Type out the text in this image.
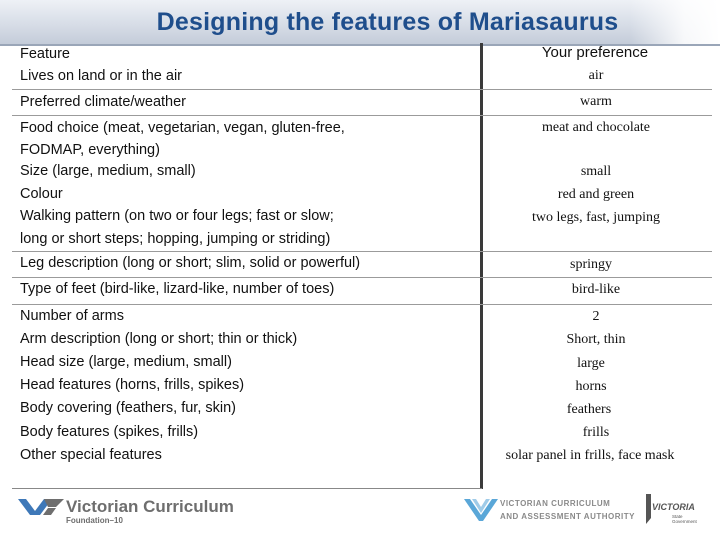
Designing the features of Mariasaurus
Feature	Your preference
Lives on land or in the air
Preferred climate/weather
Food choice (meat, vegetarian, vegan, gluten-free,
FODMAP, everything)
Size (large, medium, small)
Colour
Walking pattern (on two or four legs; fast or slow;
long or short steps; hopping, jumping or striding)
Leg description (long or short; slim, solid or powerful)
Type of feet (bird-like, lizard-like, number of toes)
Number of arms
Arm description (long or short; thin or thick)
Head size (large, medium, small)
Head features (horns, frills, spikes)
Body covering (feathers, fur, skin)
Body features (spikes, frills)
Other special features
air
warm
meat and chocolate
small
red and green
two legs, fast, jumping
springy
bird-like
2
Short, thin
large
horns
feathers
frills
solar panel in frills, face mask
Victorian Curriculum
Foundation–10
VICTORIAN CURRICULUM
AND ASSESSMENT AUTHORITY
VICTORIA
State
Government
